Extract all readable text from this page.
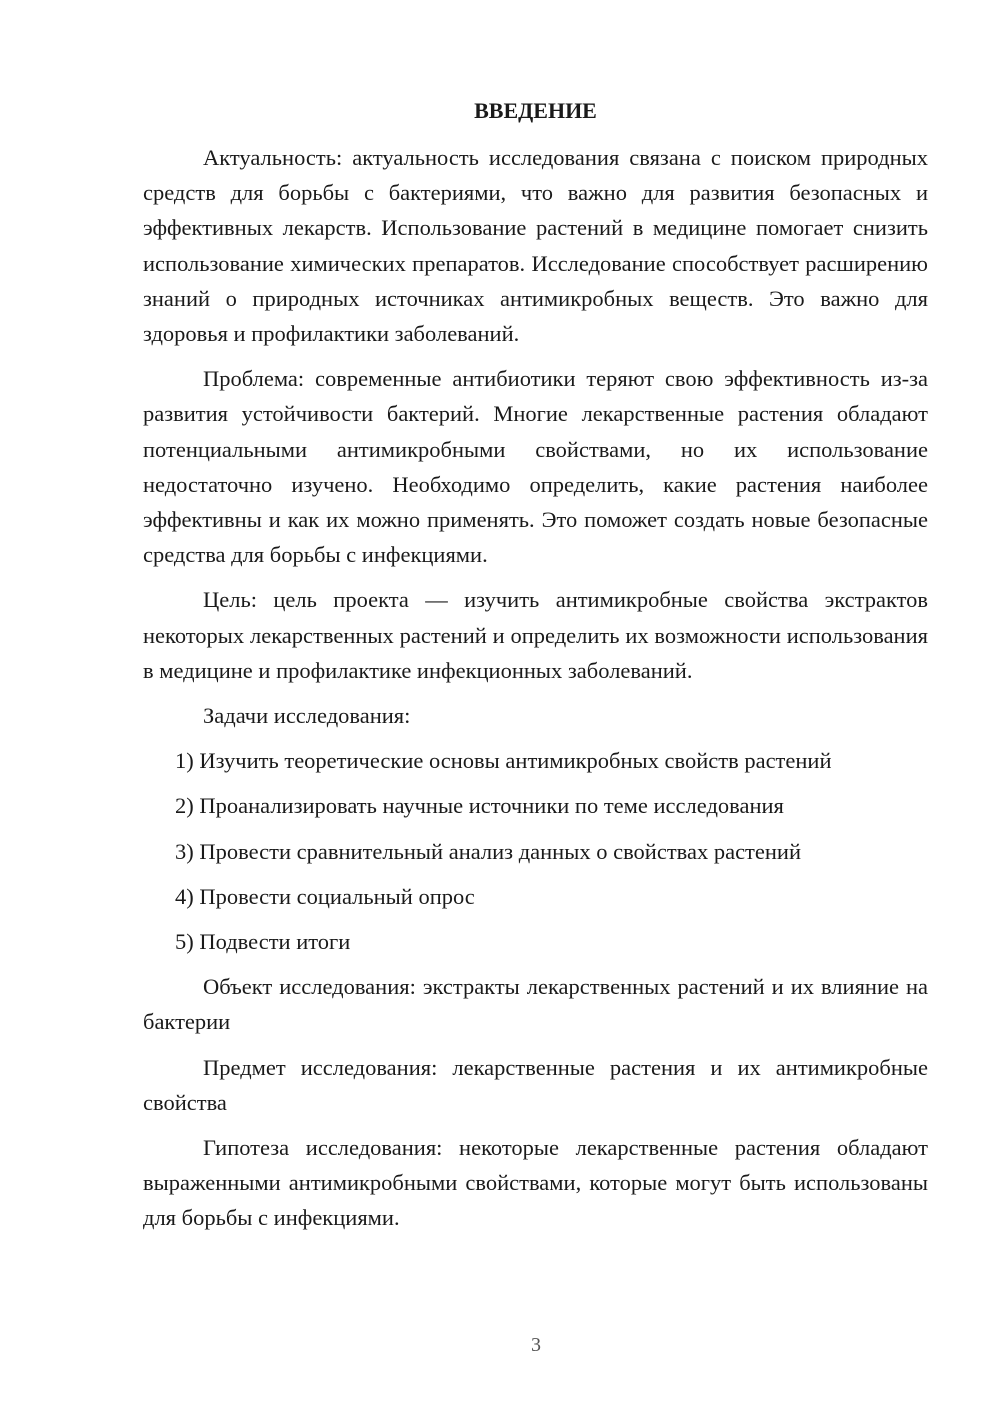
ВВЕДЕНИЕ

Актуальность: актуальность исследования связана с поиском природных средств для борьбы с бактериями, что важно для развития безопасных и эффективных лекарств. Использование растений в медицине помогает снизить использование химических препаратов. Исследование способствует расширению знаний о природных источниках антимикробных веществ. Это важно для здоровья и профилактики заболеваний.

Проблема: современные антибиотики теряют свою эффективность из-за развития устойчивости бактерий. Многие лекарственные растения обладают потенциальными антимикробными свойствами, но их использование недостаточно изучено. Необходимо определить, какие растения наиболее эффективны и как их можно применять. Это поможет создать новые безопасные средства для борьбы с инфекциями.

Цель: цель проекта — изучить антимикробные свойства экстрактов некоторых лекарственных растений и определить их возможности использования в медицине и профилактике инфекционных заболеваний.

Задачи исследования:
1) Изучить теоретические основы антимикробных свойств растений
2) Проанализировать научные источники по теме исследования
3) Провести сравнительный анализ данных о свойствах растений
4) Провести социальный опрос
5) Подвести итоги

Объект исследования: экстракты лекарственных растений и их влияние на бактерии

Предмет исследования: лекарственные растения и их антимикробные свойства

Гипотеза исследования: некоторые лекарственные растения обладают выраженными антимикробными свойствами, которые могут быть использованы для борьбы с инфекциями.

3
